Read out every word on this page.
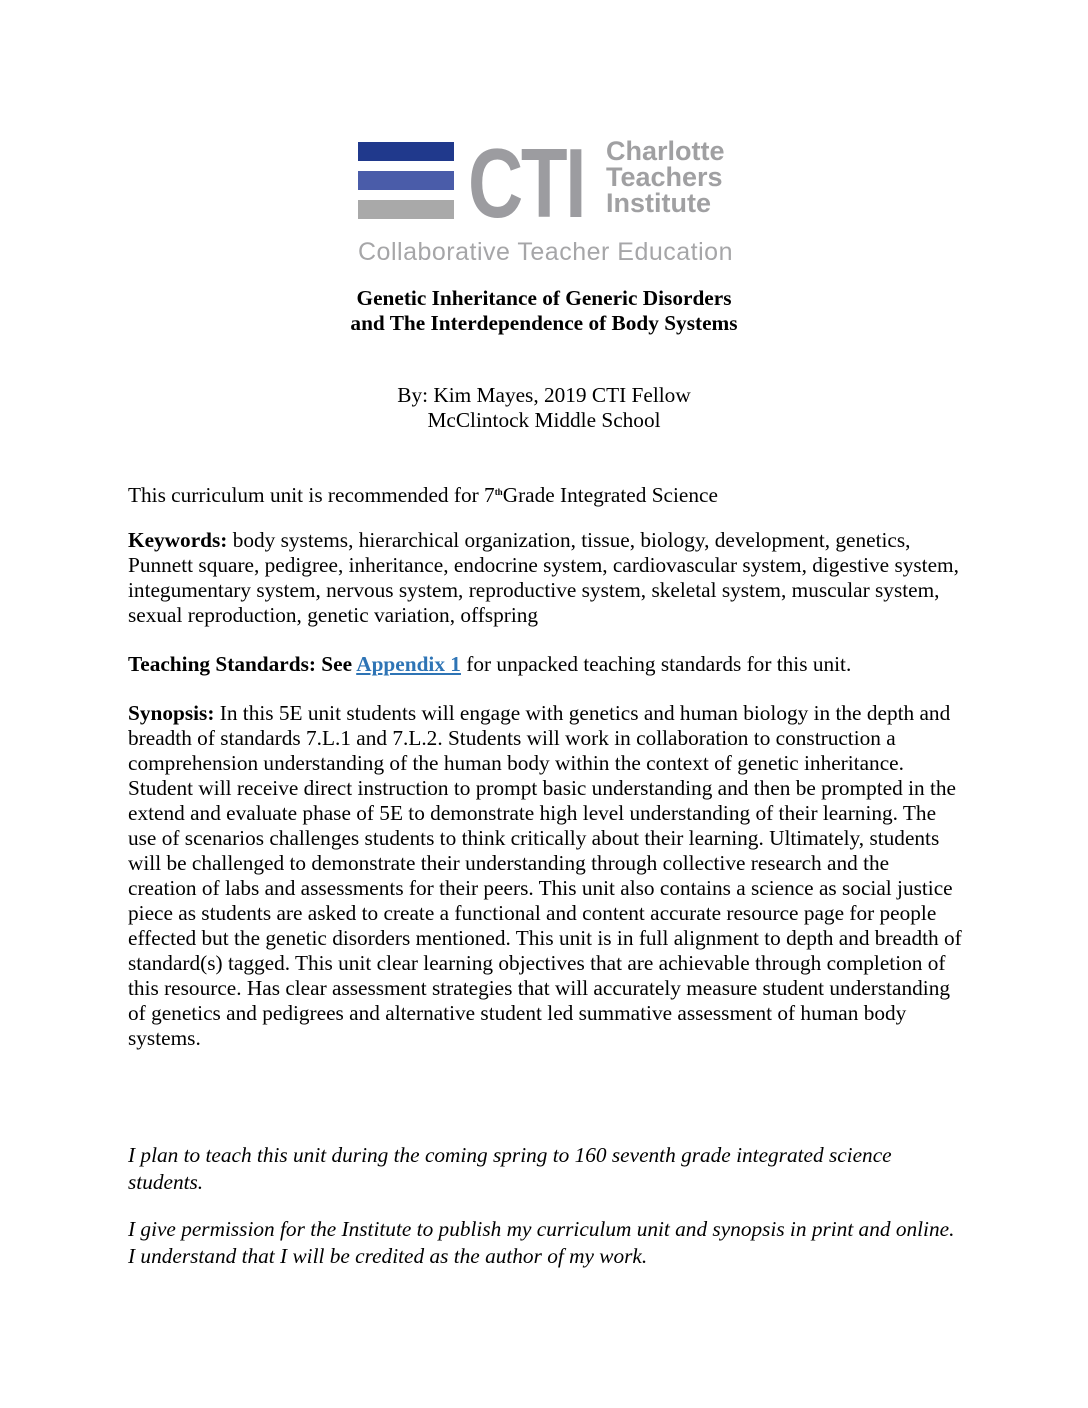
CTI Charlotte
Teachers
Institute
Collaborative Teacher Education
Genetic Inheritance of Generic Disorders
and The Interdependence of Body Systems
By: Kim Mayes, 2019 CTI Fellow
McClintock Middle School
This curriculum unit is recommended for 7thGrade Integrated Science
Keywords: body systems, hierarchical organization, tissue, biology, development, genetics, Punnett square, pedigree, inheritance, endocrine system, cardiovascular system, digestive system, integumentary system, nervous system, reproductive system, skeletal system, muscular system, sexual reproduction, genetic variation, offspring
Teaching Standards: See Appendix 1 for unpacked teaching standards for this unit.
Synopsis: In this 5E unit students will engage with genetics and human biology in the depth and breadth of standards 7.L.1 and 7.L.2. Students will work in collaboration to construction a comprehension understanding of the human body within the context of genetic inheritance. Student will receive direct instruction to prompt basic understanding and then be prompted in the extend and evaluate phase of 5E to demonstrate high level understanding of their learning. The use of scenarios challenges students to think critically about their learning. Ultimately, students will be challenged to demonstrate their understanding through collective research and the creation of labs and assessments for their peers. This unit also contains a science as social justice piece as students are asked to create a functional and content accurate resource page for people effected but the genetic disorders mentioned. This unit is in full alignment to depth and breadth of standard(s) tagged. This unit clear learning objectives that are achievable through completion of this resource. Has clear assessment strategies that will accurately measure student understanding of genetics and pedigrees and alternative student led summative assessment of human body systems.
I plan to teach this unit during the coming spring to 160 seventh grade integrated science students.
I give permission for the Institute to publish my curriculum unit and synopsis in print and online. I understand that I will be credited as the author of my work.
